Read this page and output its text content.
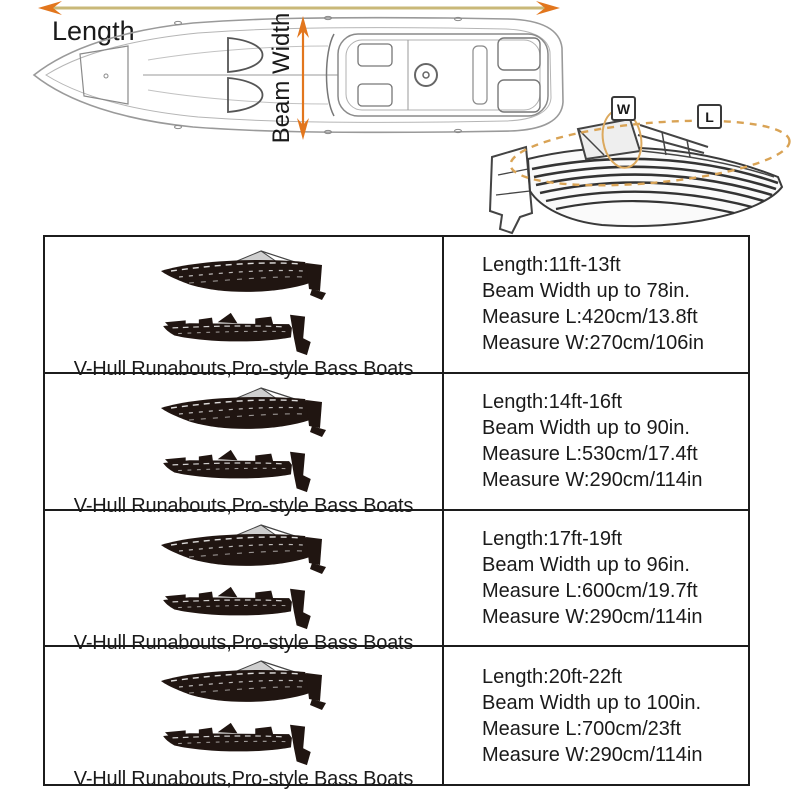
Length	Beam Width	W	L
V-Hull Runabouts,Pro-style Bass Boats
Length:11ft-13ft
Beam Width up to 78in.
Measure L:420cm/13.8ft
Measure W:270cm/106in
V-Hull Runabouts,Pro-style Bass Boats
Length:14ft-16ft
Beam Width up to 90in.
Measure L:530cm/17.4ft
Measure W:290cm/114in
V-Hull Runabouts,Pro-style Bass Boats
Length:17ft-19ft
Beam Width up to 96in.
Measure L:600cm/19.7ft
Measure W:290cm/114in
V-Hull Runabouts,Pro-style Bass Boats
Length:20ft-22ft
Beam Width up to 100in.
Measure L:700cm/23ft
Measure W:290cm/114in
